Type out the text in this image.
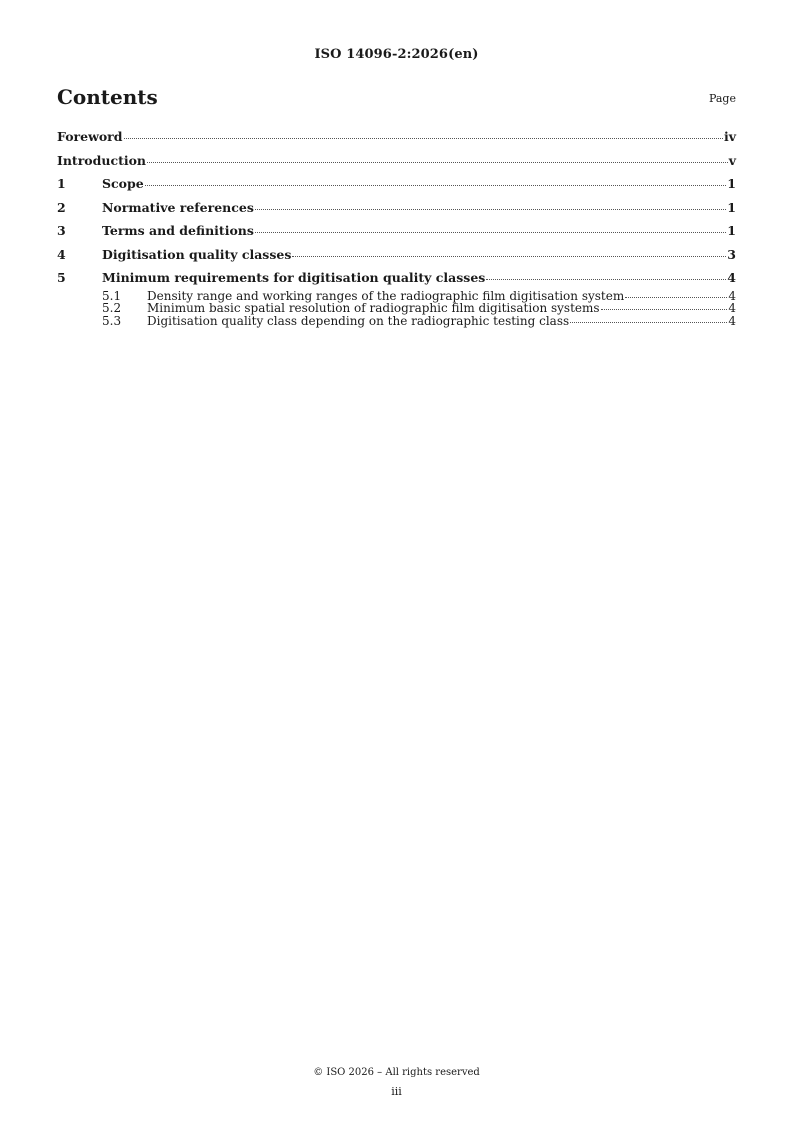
ISO 14096-2:2026(en)
Contents	Page
Foreword	iv
Introduction	v
1	Scope	1
2	Normative references	1
3	Terms and definitions	1
4	Digitisation quality classes	3
5	Minimum requirements for digitisation quality classes	4
5.1	Density range and working ranges of the radiographic film digitisation system	4
5.2	Minimum basic spatial resolution of radiographic film digitisation systems	4
5.3	Digitisation quality class depending on the radiographic testing class	4
© ISO 2026 – All rights reserved
iii
